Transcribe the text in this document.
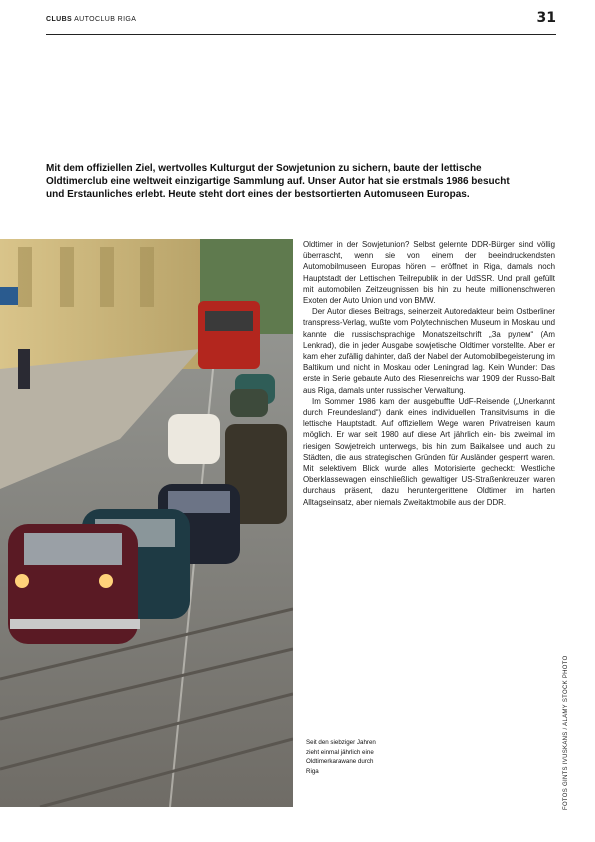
CLUBS AUTOCLUB RIGA	31

Mit dem offiziellen Ziel, wertvolles Kulturgut der Sowjetunion zu sichern, baute der lettische Oldtimerclub eine weltweit einzigartige Sammlung auf. Unser Autor hat sie erstmals 1986 besucht und Erstaunliches erlebt. Heute steht dort eines der bestsortierten Automuseen Europas.

Oldtimer in der Sowjetunion? Selbst gelernte DDR-Bürger sind völlig überrascht, wenn sie von einem der beeindruckendsten Automobilmuseen Europas hören – eröffnet in Riga, damals noch Hauptstadt der Lettischen Teilrepublik in der UdSSR. Und prall gefüllt mit automobilen Zeitzeugnissen bis hin zu heute millionenschweren Exoten der Auto Union und von BMW.

Der Autor dieses Beitrags, seinerzeit Autoredakteur beim Ostberliner transpress-Verlag, wußte vom Polytechnischen Museum in Moskau und kannte die russischsprachige Monatszeitschrift „За рулем“ (Am Lenkrad), die in jeder Ausgabe sowjetische Oldtimer vorstellte. Aber er kam eher zufällig dahinter, daß der Nabel der Automobilbegeisterung im Baltikum und nicht in Moskau oder Leningrad lag. Kein Wunder: Das erste in Serie gebaute Auto des Riesenreichs war 1909 der Russo-Balt aus Riga, damals unter russischer Verwaltung.

Im Sommer 1986 kam der ausgebuffte UdF-Reisende („Unerkannt durch Freundesland“) dank eines individuellen Transitvisums in die lettische Hauptstadt. Auf offiziellem Wege waren Privatreisen kaum möglich. Er war seit 1980 auf diese Art jährlich ein- bis zweimal im riesigen Sowjetreich unterwegs, bis hin zum Baikalsee und auch zu Städten, die aus strategischen Gründen für Ausländer gesperrt waren. Mit selektivem Blick wurde alles Motorisierte gecheckt: Westliche Oberklassewagen einschließlich gewaltiger US-Straßenkreuzer waren durchaus präsent, dazu heruntergerittene Oldtimer im harten Alltagseinsatz, aber niemals Zweitaktmobile aus der DDR.

Seit den siebziger Jahren zieht einmal jährlich eine Oldtimerkarawane durch Riga	FOTOS GINTS IVUSKANS / ALAMY STOCK PHOTO
